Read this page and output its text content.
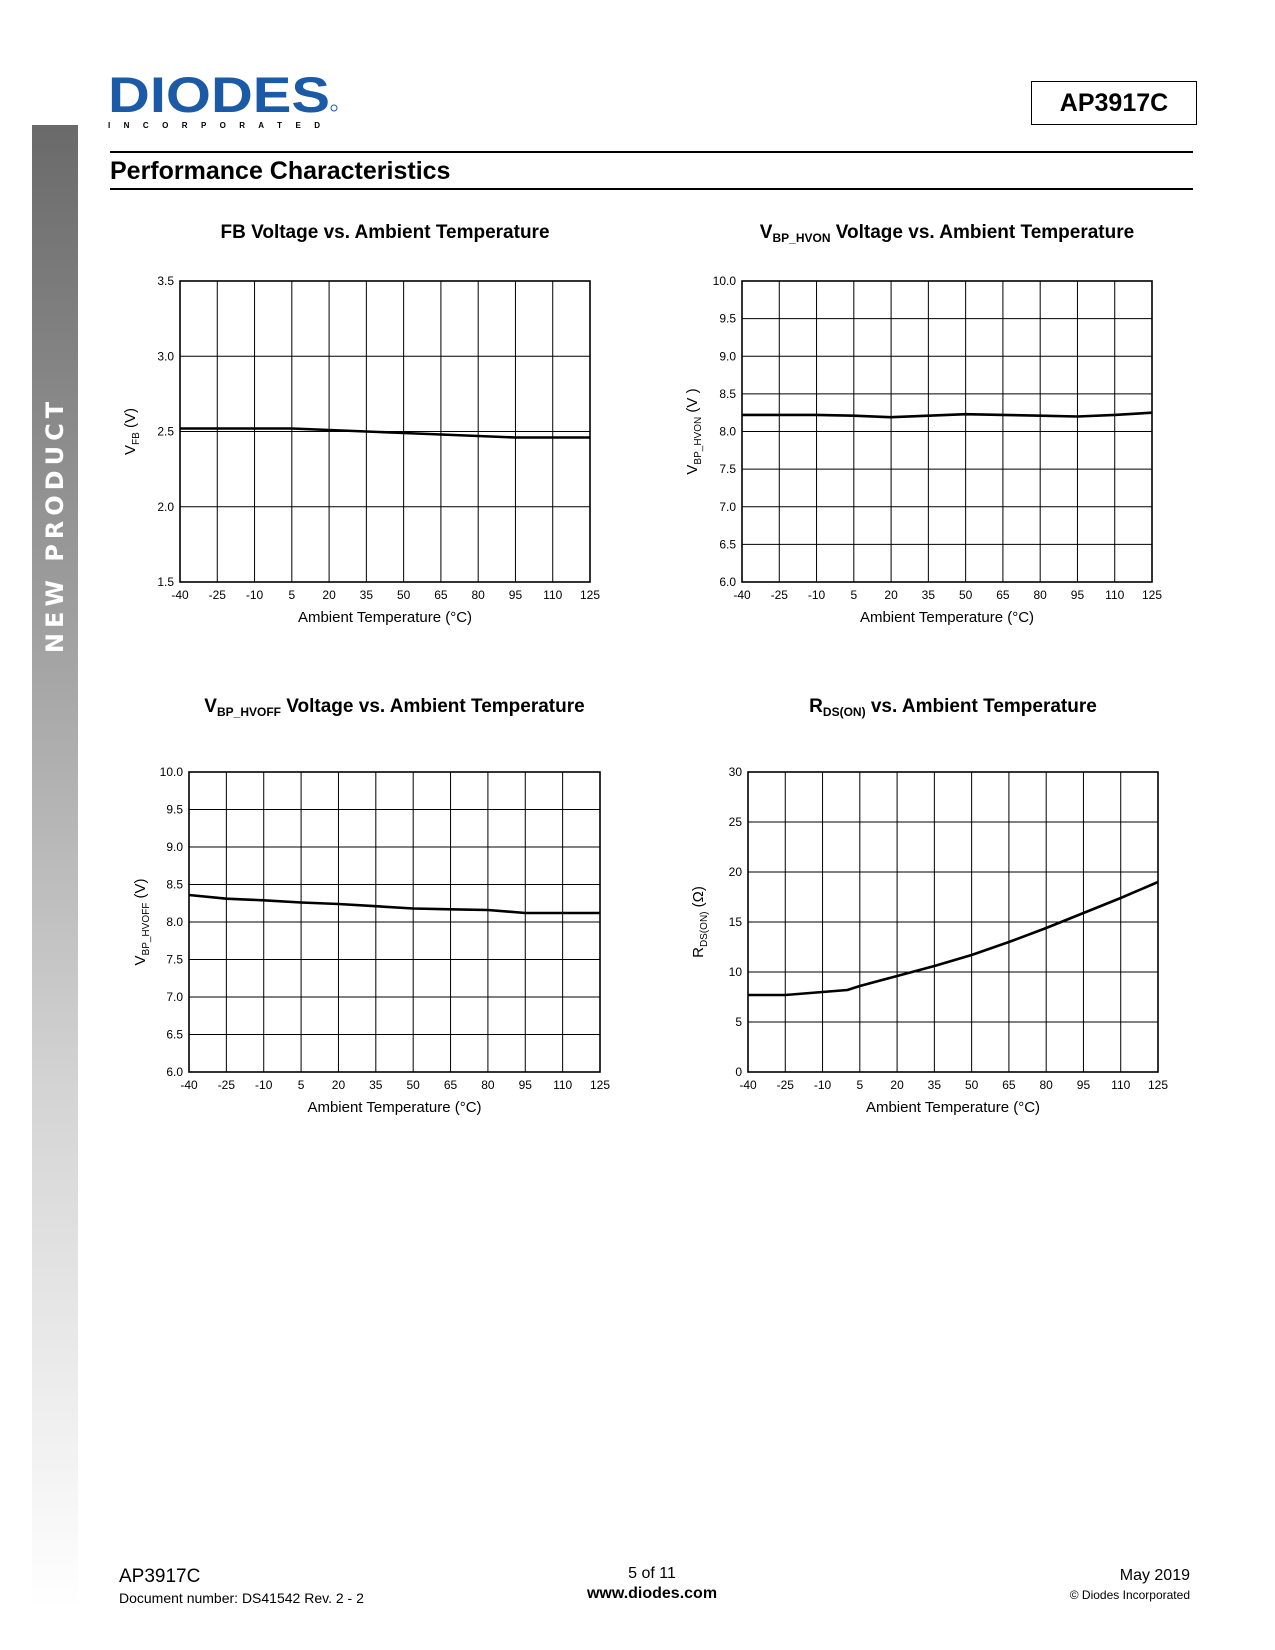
NEW PRODUCT
DIODES
I N C O R P O R A T E D
AP3917C
Performance Characteristics
FB Voltage vs. Ambient Temperature
1.5
2.0
2.5
3.0
3.5
-40 -25 -10 5 20 35 50 65 80 95 110 125
Ambient Temperature (°C)
$V_{FB}$ (V)
$V_{BP\_HVON}$ Voltage vs. Ambient Temperature
6.0
6.5
7.0
7.5
8.0
8.5
9.0
9.5
10.0
-40 -25 -10 5 20 35 50 65 80 95 110 125
Ambient Temperature (°C)
$V_{BP\_HVON}$ (V )
$V_{BP\_HVOFF}$ Voltage vs. Ambient Temperature
6.0
6.5
7.0
7.5
8.0
8.5
9.0
9.5
10.0
-40 -25 -10 5 20 35 50 65 80 95 110 125
Ambient Temperature (°C)
$V_{BP\_HVOFF}$ (V)
$R_{DS(ON)}$ vs. Ambient Temperature
0
5
10
15
20
25
30
-40 -25 -10 5 20 35 50 65 80 95 110 125
Ambient Temperature (°C)
$R_{DS(ON)}$ (Ω)
AP3917C
Document number: DS41542 Rev. 2 - 2
5 of 11
www.diodes.com
May 2019
© Diodes Incorporated
